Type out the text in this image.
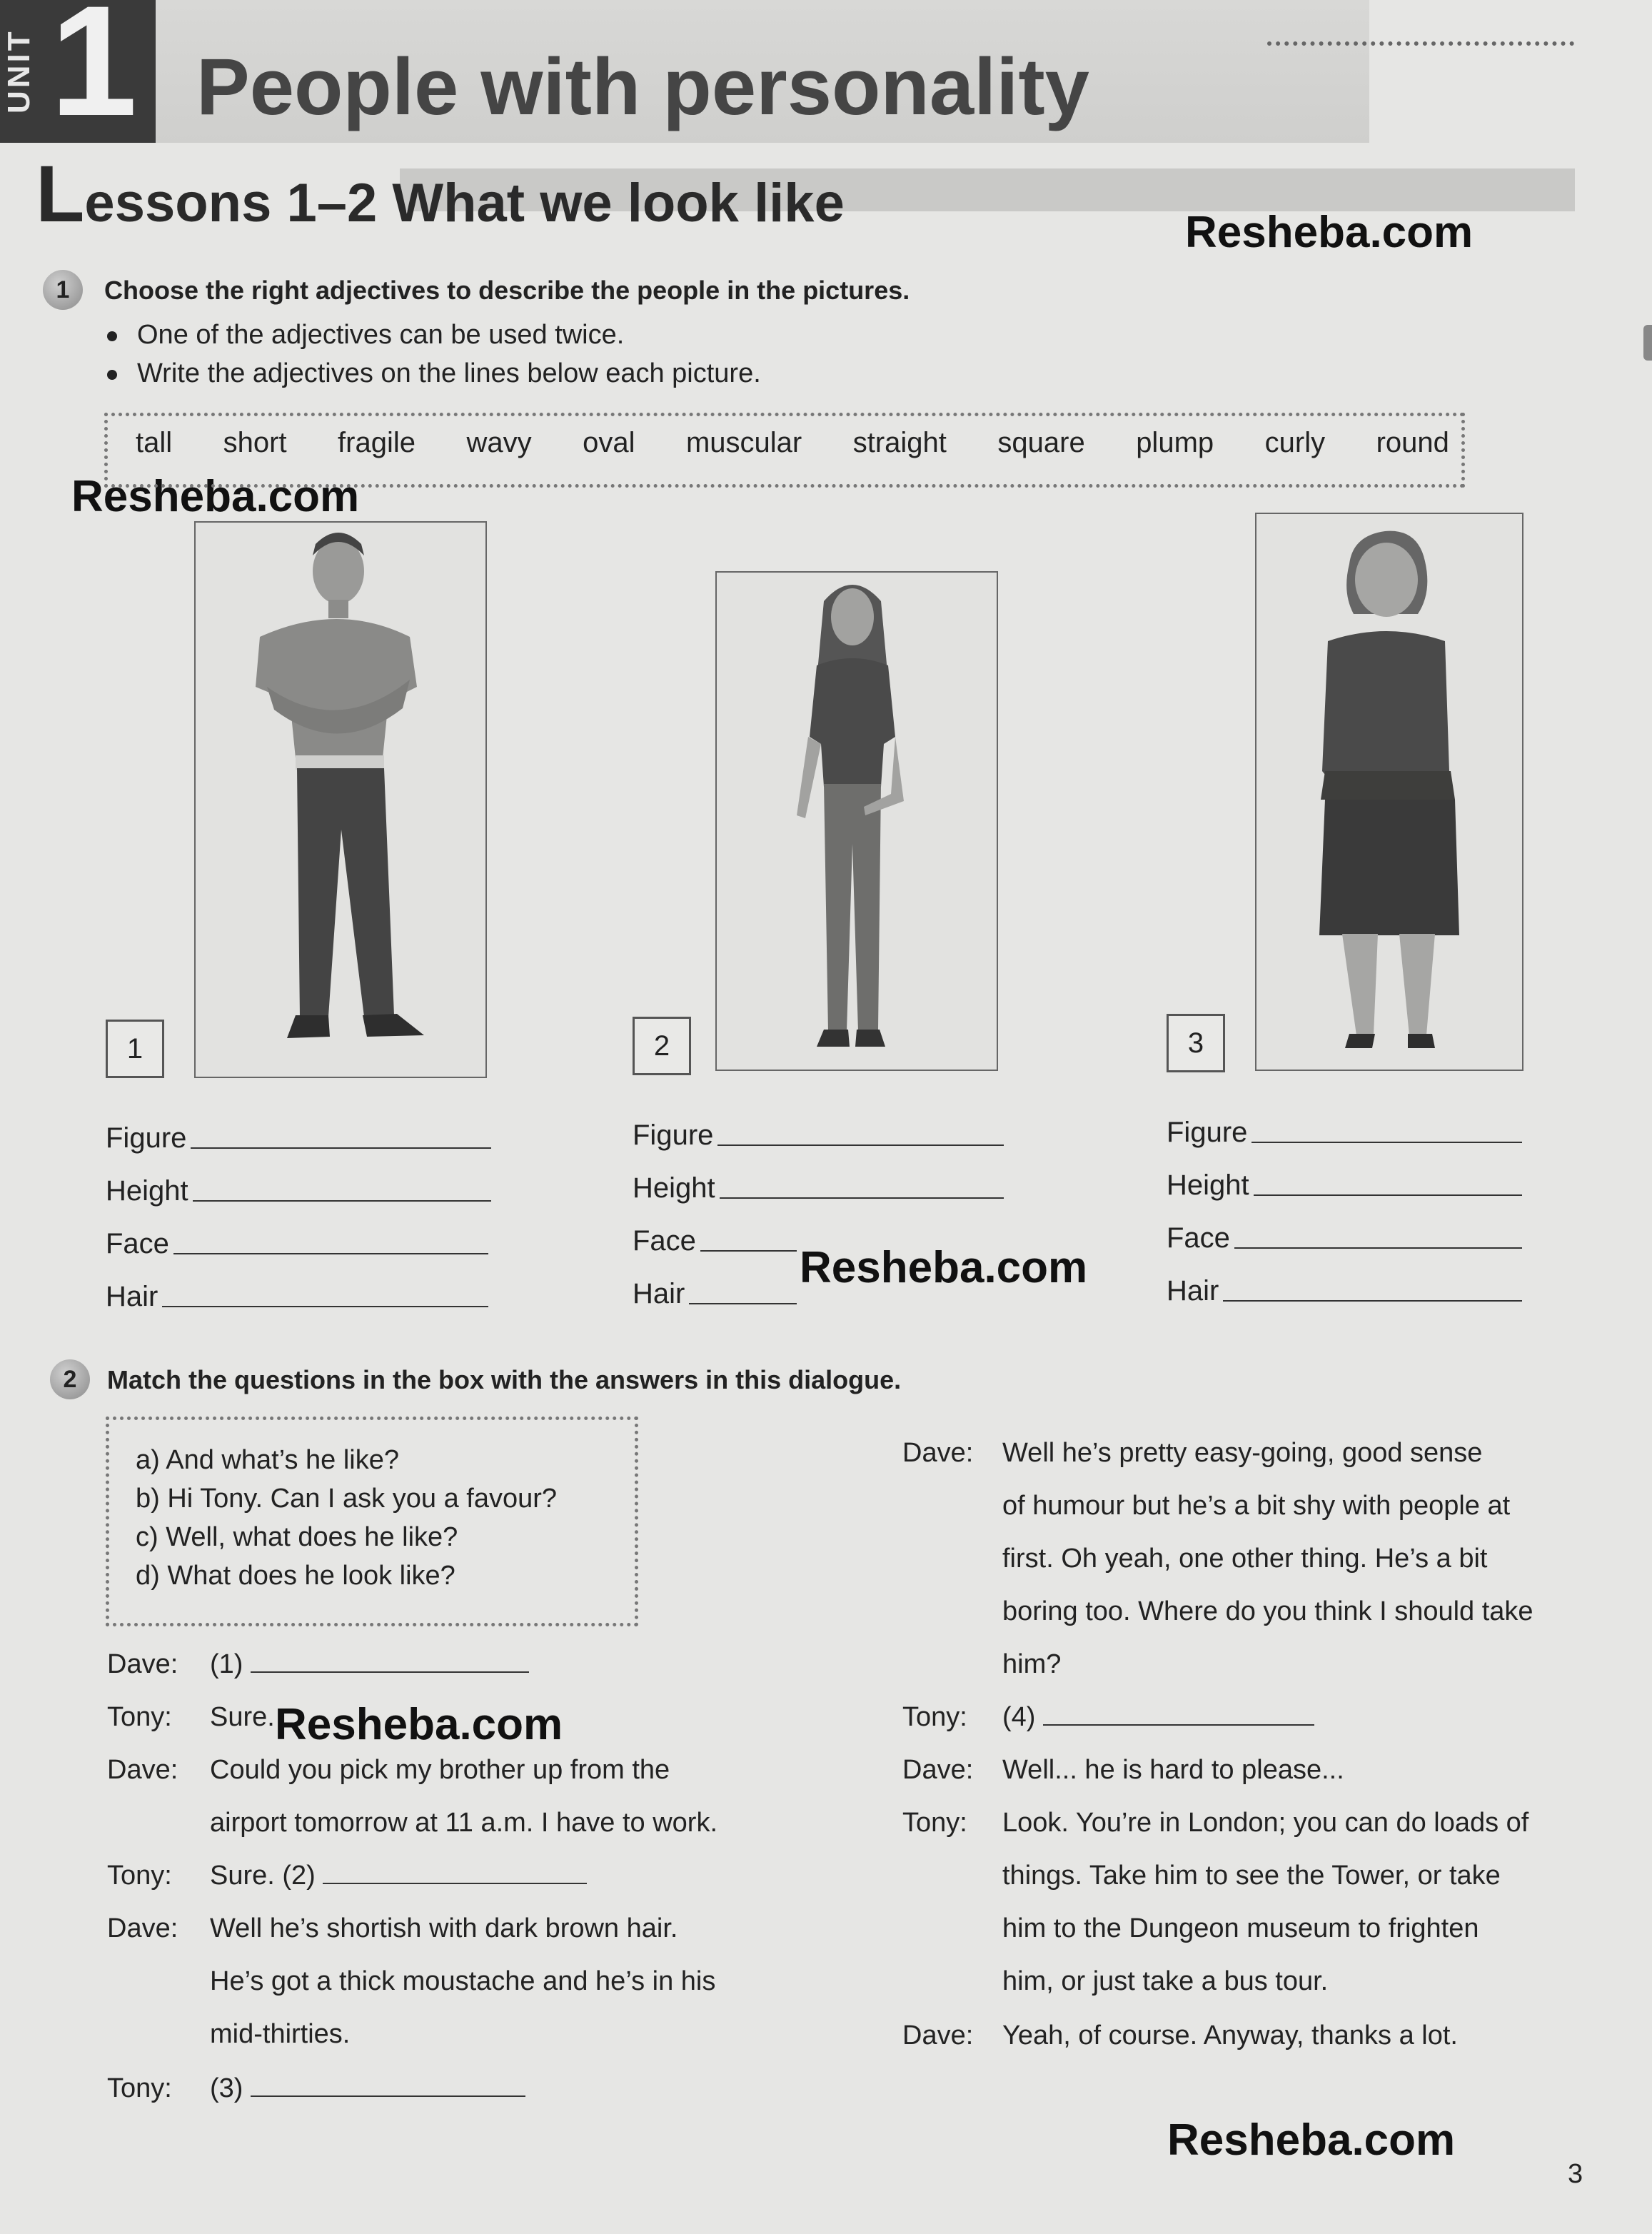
UNIT 1 People with personality
Lessons 1–2 What we look like	Resheba.com
Resheba.com
Resheba.com
Resheba.com
Resheba.com
1	Choose the right adjectives to describe the people in the pictures.
One of the adjectives can be used twice.
Write the adjectives on the lines below each picture.
tall short fragile wavy oval muscular straight square plump curly round
1	2	3
Figure
Height
Face
Hair
Figure
Height
Face
Hair
Figure
Height
Face
Hair
2	Match the questions in the box with the answers in this dialogue.
a) And what’s he like?
b) Hi Tony. Can I ask you a favour?
c) Well, what does he like?
d) What does he look like?
Dave: (1)
Tony: Sure.
Dave: Could you pick my brother up from the
airport tomorrow at 11 a.m. I have to work.
Tony: Sure. (2)
Dave: Well he’s shortish with dark brown hair.
He’s got a thick moustache and he’s in his
mid-thirties.
Tony: (3)
Dave: Well he’s pretty easy-going, good sense
of humour but he’s a bit shy with people at
first. Oh yeah, one other thing. He’s a bit
boring too. Where do you think I should take
him?
Tony: (4)
Dave: Well... he is hard to please...
Tony: Look. You’re in London; you can do loads of
things. Take him to see the Tower, or take
him to the Dungeon museum to frighten
him, or just take a bus tour.
Dave: Yeah, of course. Anyway, thanks a lot.
3
